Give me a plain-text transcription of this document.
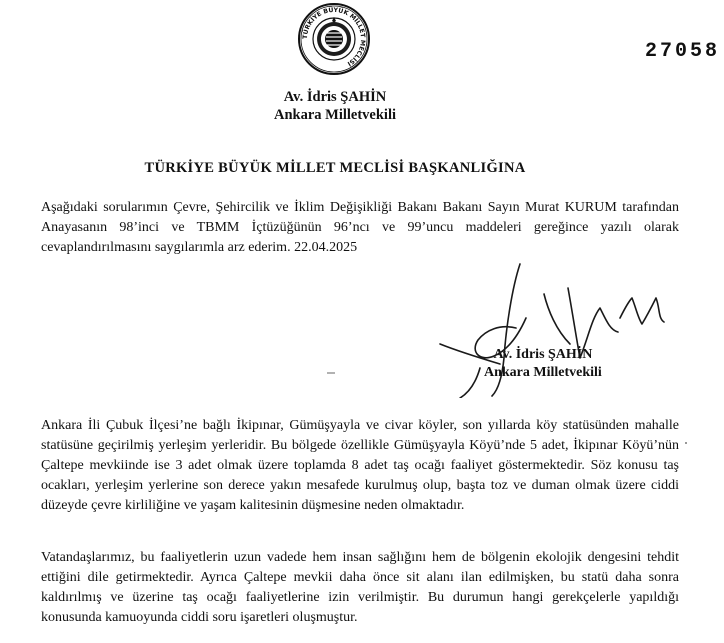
TÜRKİYE BÜYÜK MİLLET MECLİSİ
27058
Av. İdris ŞAHİN
Ankara Milletvekili
TÜRKİYE BÜYÜK MİLLET MECLİSİ BAŞKANLIĞINA

Aşağıdaki sorularımın Çevre, Şehircilik ve İklim Değişikliği Bakanı Bakanı Sayın Murat KURUM tarafından Anayasanın 98’inci ve TBMM İçtüzüğünün 96’ncı ve 99’uncu maddeleri gereğince yazılı olarak cevaplandırılmasını saygılarımla arz ederim. 22.04.2025

Av. İdris ŞAHİN
Ankara Milletvekili

Ankara İli Çubuk İlçesi’ne bağlı İkipınar, Gümüşyayla ve civar köyler, son yıllarda köy statüsünden mahalle statüsüne geçirilmiş yerleşim yerleridir. Bu bölgede özellikle Gümüşyayla Köyü’nde 5 adet, İkipınar Köyü’nün Çaltepe mevkiinde ise 3 adet olmak üzere toplamda 8 adet taş ocağı faaliyet göstermektedir. Söz konusu taş ocakları, yerleşim yerlerine son derece yakın mesafede kurulmuş olup, başta toz ve duman olmak üzere ciddi düzeyde çevre kirliliğine ve yaşam kalitesinin düşmesine neden olmaktadır.

Vatandaşlarımız, bu faaliyetlerin uzun vadede hem insan sağlığını hem de bölgenin ekolojik dengesini tehdit ettiğini dile getirmektedir. Ayrıca Çaltepe mevkii daha önce sit alanı ilan edilmişken, bu statü daha sonra kaldırılmış ve üzerine taş ocağı faaliyetlerine izin verilmiştir. Bu durumun hangi gerekçelerle yapıldığı konusunda kamuoyunda ciddi soru işaretleri oluşmuştur.
